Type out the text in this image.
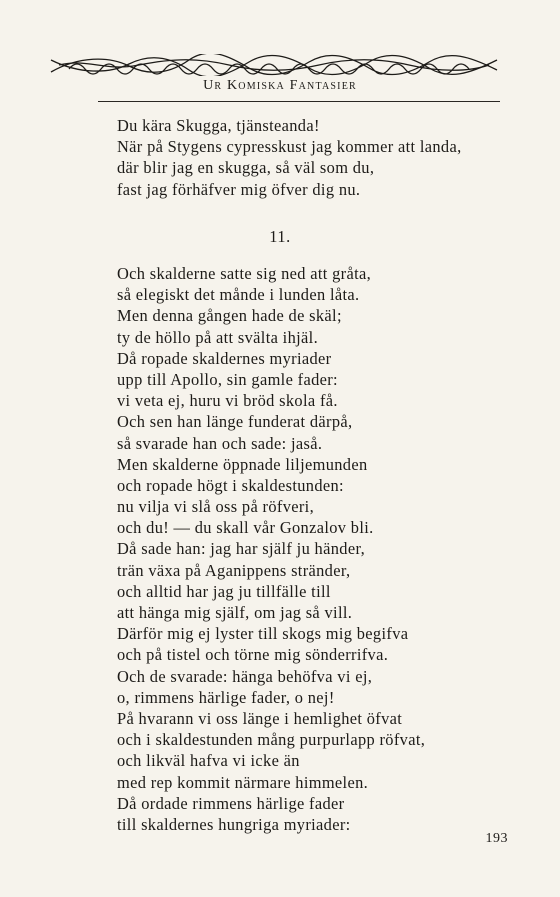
Ur Komiska Fantasier
Du kära Skugga, tjänsteanda!
När på Stygens cypresskust jag kommer att landa,
där blir jag en skugga, så väl som du,
fast jag förhäfver mig öfver dig nu.
11.
Och skalderne satte sig ned att gråta,
så elegiskt det månde i lunden låta.
Men denna gången hade de skäl;
ty de höllo på att svälta ihjäl.
Då ropade skaldernes myriader
upp till Apollo, sin gamle fader:
vi veta ej, huru vi bröd skola få.
Och sen han länge funderat därpå,
så svarade han och sade: jaså.
Men skalderne öppnade liljemunden
och ropade högt i skaldestunden:
nu vilja vi slå oss på röfveri,
och du! — du skall vår Gonzalov bli.
Då sade han: jag har själf ju händer,
trän växa på Aganippens stränder,
och alltid har jag ju tillfälle till
att hänga mig själf, om jag så vill.
Därför mig ej lyster till skogs mig begifva
och på tistel och törne mig sönderrifva.
Och de svarade: hänga behöfva vi ej,
o, rimmens härlige fader, o nej!
På hvarann vi oss länge i hemlighet öfvat
och i skaldestunden mång purpurlapp röfvat,
och likväl hafva vi icke än
med rep kommit närmare himmelen.
Då ordade rimmens härlige fader
till skaldernes hungriga myriader:
193
